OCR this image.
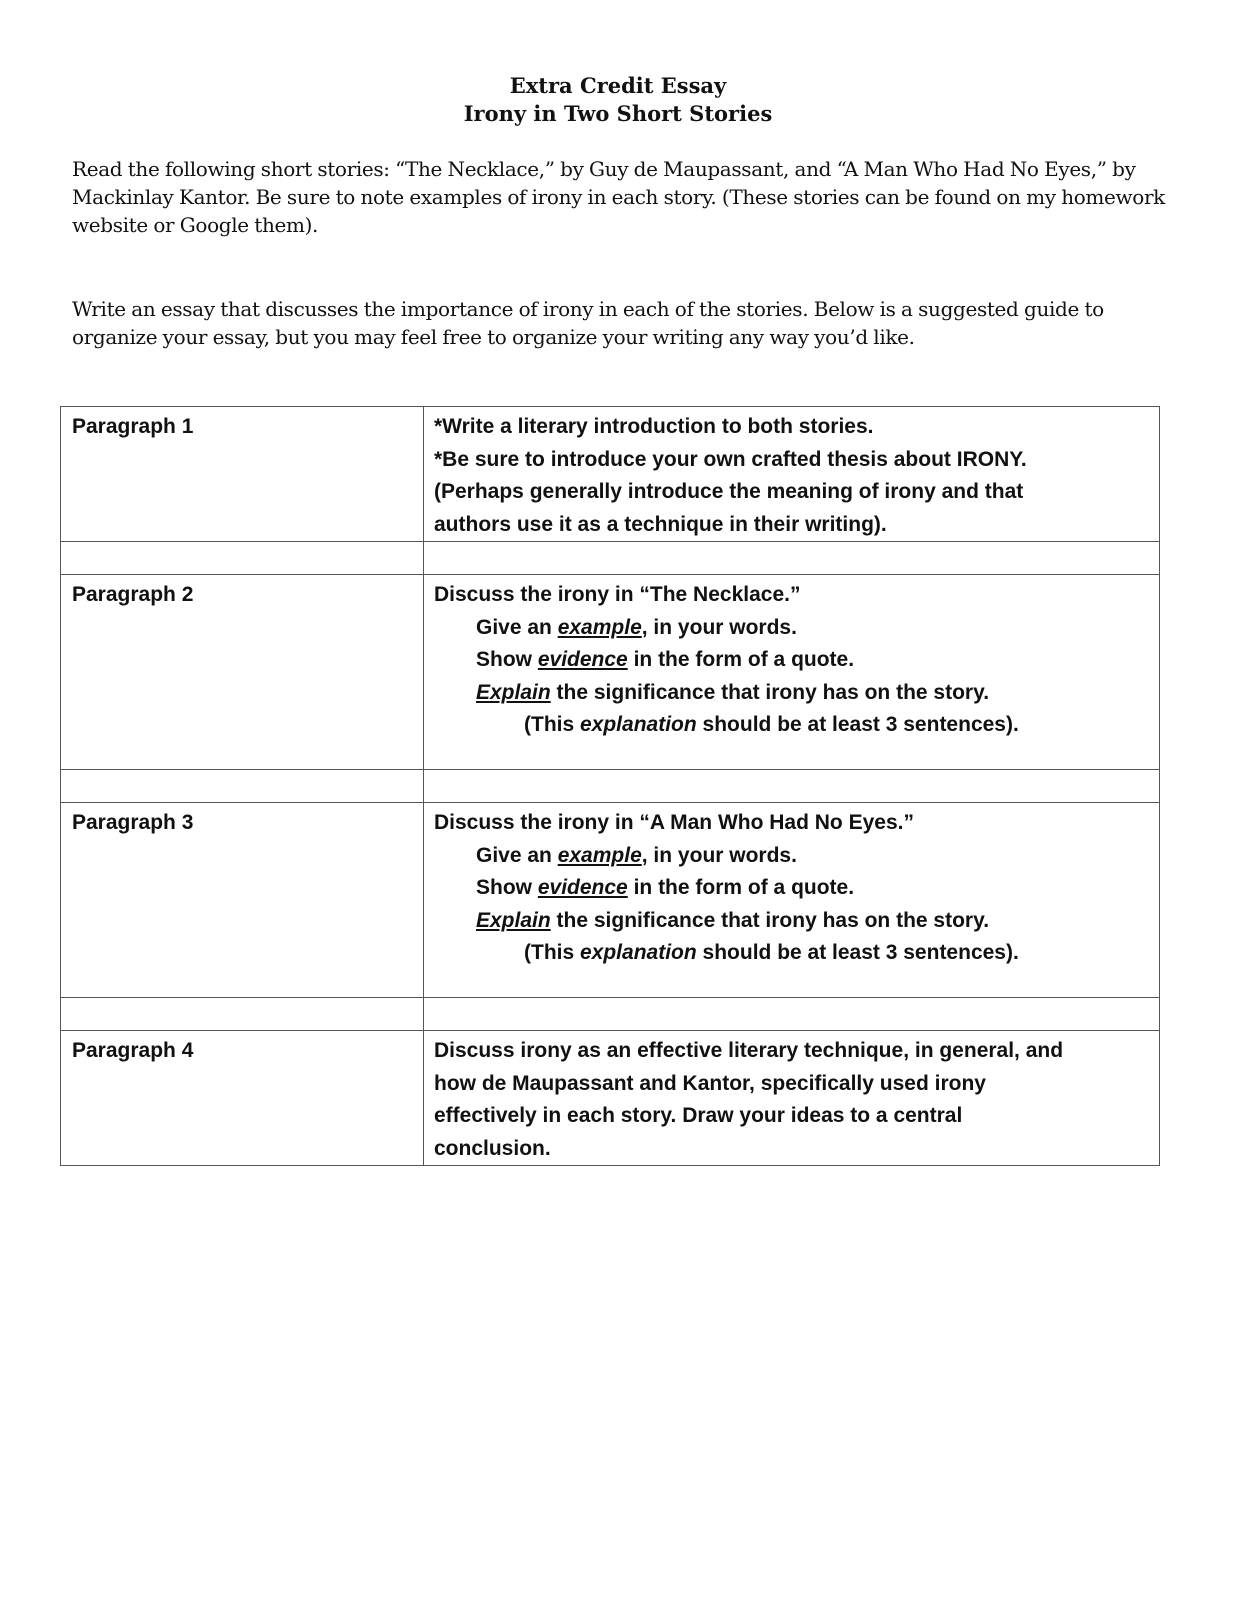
Extra Credit Essay
Irony in Two Short Stories

Read the following short stories: “The Necklace,” by Guy de Maupassant, and “A Man Who Had No Eyes,” by Mackinlay Kantor. Be sure to note examples of irony in each story. (These stories can be found on my homework website or Google them).

Write an essay that discusses the importance of irony in each of the stories. Below is a suggested guide to organize your essay, but you may feel free to organize your writing any way you’d like.

Paragraph 1	*Write a literary introduction to both stories.
*Be sure to introduce your own crafted thesis about IRONY.
(Perhaps generally introduce the meaning of irony and that
authors use it as a technique in their writing).

Paragraph 2	Discuss the irony in “The Necklace.”
Give an example, in your words.
Show evidence in the form of a quote.
Explain the significance that irony has on the story.
(This explanation should be at least 3 sentences).

Paragraph 3	Discuss the irony in “A Man Who Had No Eyes.”
Give an example, in your words.
Show evidence in the form of a quote.
Explain the significance that irony has on the story.
(This explanation should be at least 3 sentences).

Paragraph 4	Discuss irony as an effective literary technique, in general, and
how de Maupassant and Kantor, specifically used irony
effectively in each story. Draw your ideas to a central
conclusion.
